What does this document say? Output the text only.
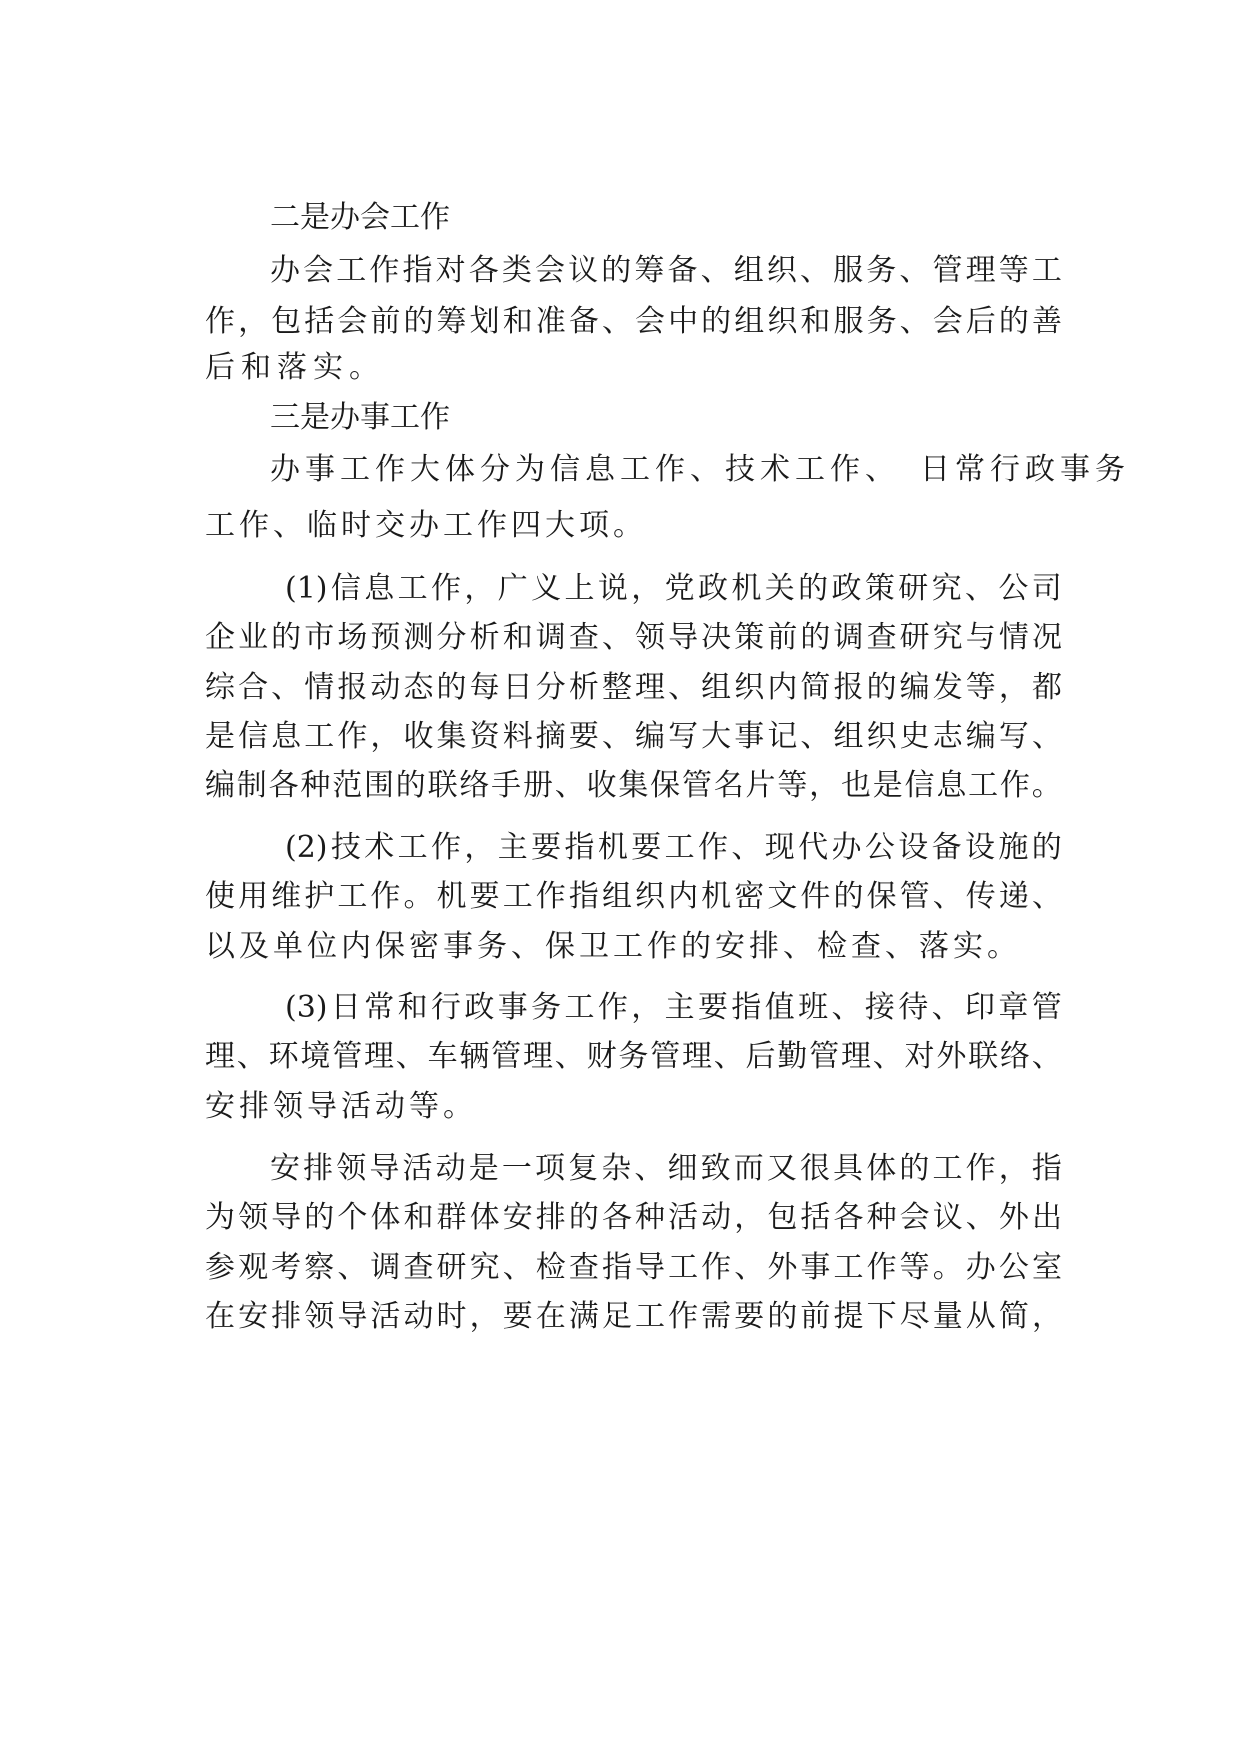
二是办会工作
办 会 工 作 指 对 各 类 会 议 的 筹 备 、 组 织 、 服 务 、 管 理 等 工
作 ， 包 括 会 前 的 筹 划 和 准 备 、 会 中 的 组 织 和 服 务 、 会 后 的 善
后和落实。
三是办事工作
办事工作大体分为信息工作、技术工作、　日常行政事务
工作、临时交办工作四大项。
(1) 信 息 工 作 ， 广 义 上 说 ， 党 政 机 关 的 政 策 研 究 、 公 司
企 业 的 市 场 预 测 分 析 和 调 查 、 领 导 决 策 前 的 调 查 研 究 与 情 况
综 合 、 情 报 动 态 的 每 日 分 析 整 理 、 组 织 内 简 报 的 编 发 等 ， 都
是 信 息 工 作 ， 收 集 资 料 摘 要 、 编 写 大 事 记 、 组 织 史 志 编 写 、
编 制 各 种 范 围 的 联 络 手 册 、 收 集 保 管 名 片 等 ， 也 是 信 息 工 作 。
(2) 技 术 工 作 ， 主 要 指 机 要 工 作 、 现 代 办 公 设 备 设 施 的
使 用 维 护 工 作 。 机 要 工 作 指 组 织 内 机 密 文 件 的 保 管 、 传 递 、
以及单位内保密事务、保卫工作的安排、检查、落实。
(3) 日 常 和 行 政 事 务 工 作 ， 主 要 指 值 班 、 接 待 、 印 章 管
理 、 环 境 管 理 、 车 辆 管 理 、 财 务 管 理 、 后 勤 管 理 、 对 外 联 络 、
安排领导活动等。
安 排 领 导 活 动 是 一 项 复 杂 、 细 致 而 又 很 具 体 的 工 作 ， 指
为 领 导 的 个 体 和 群 体 安 排 的 各 种 活 动 ， 包 括 各 种 会 议 、 外 出
参 观 考 察 、 调 查 研 究 、 检 查 指 导 工 作 、 外 事 工 作 等 。 办 公 室
在 安 排 领 导 活 动 时 ， 要 在 满 足 工 作 需 要 的 前 提 下 尽 量 从 简 ，
